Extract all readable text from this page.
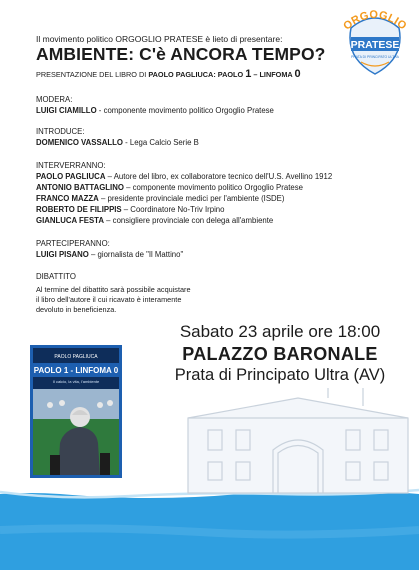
ORGOGLIO
PRATESE
PRATA DI PRINCIPATO ULTRA
Il movimento politico ORGOGLIO PRATESE è lieto di presentare:
AMBIENTE: C'è ANCORA TEMPO?
PRESENTAZIONE DEL LIBRO DI PAOLO PAGLIUCA: PAOLO 1 – LINFOMA 0
MODERA:
LUIGI CIAMILLO - componente movimento politico Orgoglio Pratese
INTRODUCE:
DOMENICO VASSALLO - Lega Calcio Serie B
INTERVERRANNO:
PAOLO PAGLIUCA – Autore del libro, ex collaboratore tecnico dell'U.S. Avellino 1912
ANTONIO BATTAGLINO – componente movimento politico Orgoglio Pratese
FRANCO MAZZA – presidente provinciale medici per l'ambiente (ISDE)
ROBERTO DE FILIPPIS – Coordinatore No-Triv Irpino
GIANLUCA FESTA – consigliere provinciale con delega all'ambiente
PARTECIPERANNO:
LUIGI PISANO – giornalista de "Il Mattino"
DIBATTITO
Al termine del dibattito sarà possibile acquistare
il libro dell'autore il cui ricavato è interamente
devoluto in beneficienza.
Sabato 23 aprile ore 18:00
PALAZZO BARONALE
Prata di Principato Ultra (AV)
PAOLO PAGLIUCA
PAOLO 1 - LINFOMA 0
Il calcio, la vita, l'ambiente
